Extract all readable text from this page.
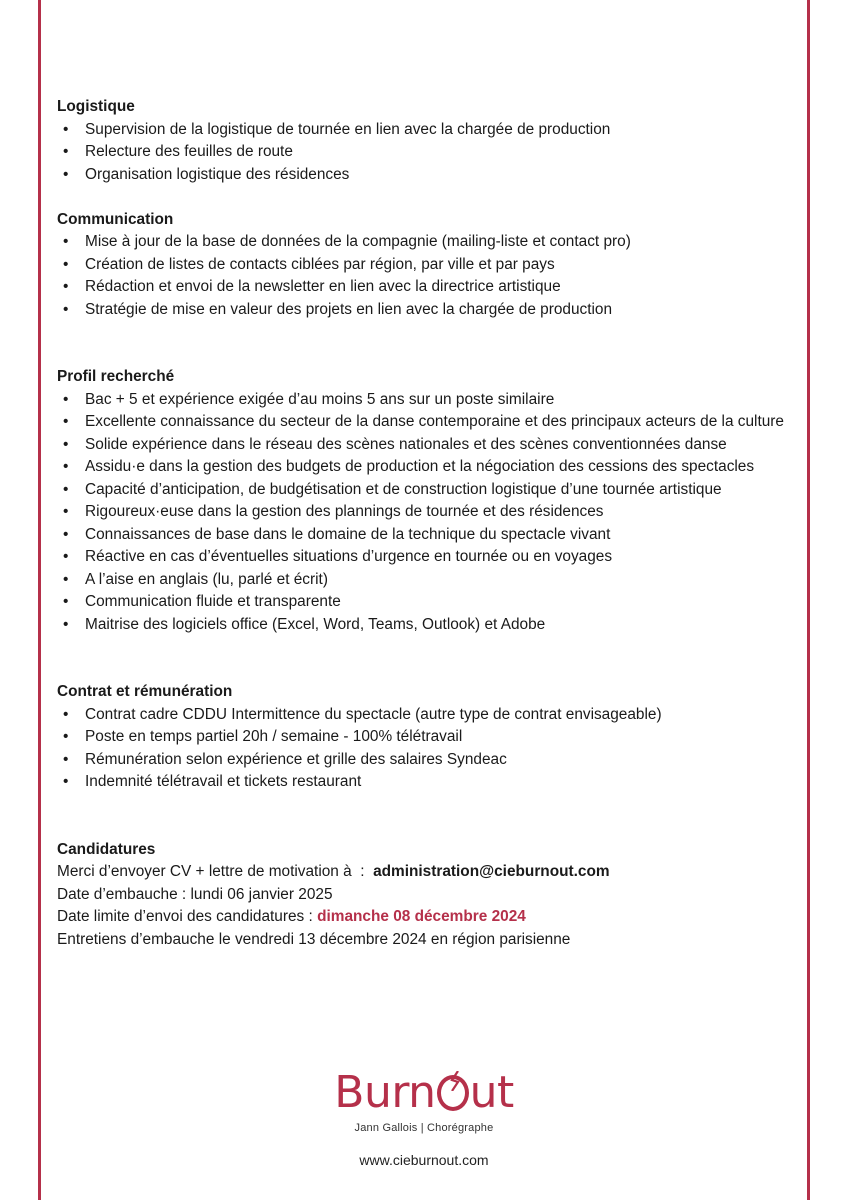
Logistique

• Supervision de la logistique de tournée en lien avec la chargée de production
• Relecture des feuilles de route
• Organisation logistique des résidences

Communication

• Mise à jour de la base de données de la compagnie (mailing-liste et contact pro)
• Création de listes de contacts ciblées par région, par ville et par pays
• Rédaction et envoi de la newsletter en lien avec la directrice artistique
• Stratégie de mise en valeur des projets en lien avec la chargée de production

Profil recherché

• Bac + 5 et expérience exigée d’au moins 5 ans sur un poste similaire
• Excellente connaissance du secteur de la danse contemporaine et des principaux acteurs de la culture
• Solide expérience dans le réseau des scènes nationales et des scènes conventionnées danse
• Assidu·e dans la gestion des budgets de production et la négociation des cessions des spectacles
• Capacité d’anticipation, de budgétisation et de construction logistique d’une tournée artistique
• Rigoureux·euse dans la gestion des plannings de tournée et des résidences
• Connaissances de base dans le domaine de la technique du spectacle vivant
• Réactive en cas d’éventuelles situations d’urgence en tournée ou en voyages
• A l’aise en anglais (lu, parlé et écrit)
• Communication fluide et transparente
• Maitrise des logiciels office (Excel, Word, Teams, Outlook) et Adobe

Contrat et rémunération

• Contrat cadre CDDU Intermittence du spectacle (autre type de contrat envisageable)
• Poste en temps partiel 20h / semaine - 100% télétravail
• Rémunération selon expérience et grille des salaires Syndeac
• Indemnité télétravail et tickets restaurant

Candidatures

Merci d’envoyer CV + lettre de motivation à  :  administration@cieburnout.com

Date d’embauche : lundi 06 janvier 2025

Date limite d’envoi des candidatures : dimanche 08 décembre 2024

Entretiens d’embauche le vendredi 13 décembre 2024 en région parisienne

Burn ut
Jann Gallois | Chorégraphe
www.cieburnout.com
